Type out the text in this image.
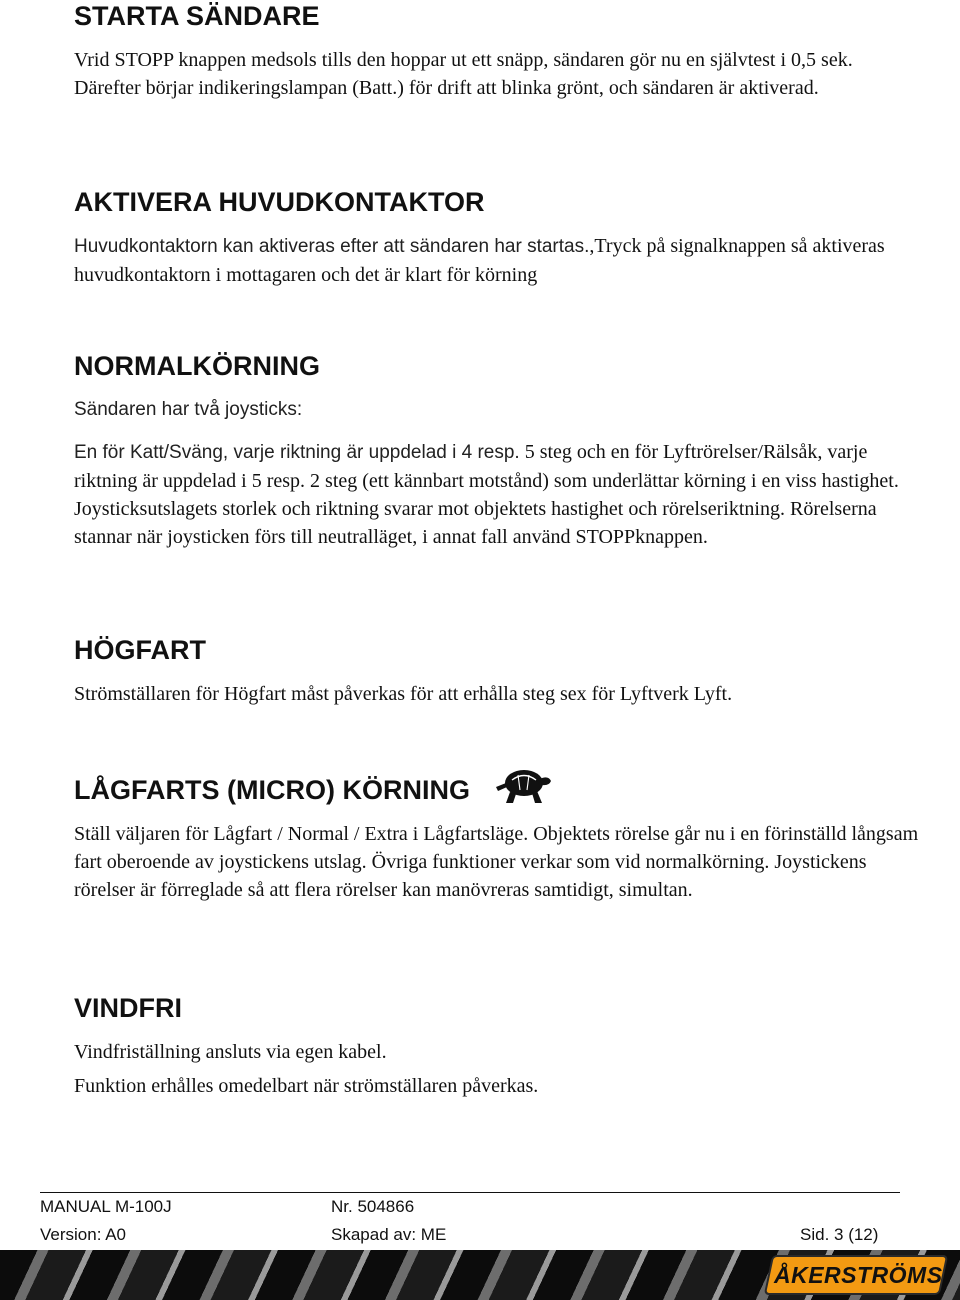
STARTA SÄNDARE

Vrid STOPP knappen medsols tills den hoppar ut ett snäpp, sändaren gör nu en självtest i 0,5 sek. Därefter börjar indikeringslampan (Batt.) för drift att blinka grönt, och sändaren är aktiverad.

AKTIVERA HUVUDKONTAKTOR

Huvudkontaktorn kan aktiveras efter att sändaren har startas.,Tryck på signalknappen så aktiveras huvudkontaktorn i mottagaren och det är klart för körning

NORMALKÖRNING

Sändaren har två joysticks:

En för Katt/Sväng, varje riktning är uppdelad i 4 resp. 5 steg och en för Lyftrörelser/Rälsåk, varje riktning är uppdelad i 5 resp. 2 steg (ett kännbart motstånd) som underlättar körning i en viss hastighet. Joysticksutslagets storlek och riktning svarar mot objektets hastighet och rörelseriktning. Rörelserna stannar när joysticken förs till neutralläget, i annat fall använd STOPPknappen.

HÖGFART

Strömställaren för Högfart måst påverkas för att erhålla steg sex för Lyftverk Lyft.

LÅGFARTS (MICRO) KÖRNING

Ställ väljaren för Lågfart / Normal / Extra i Lågfartsläge. Objektets rörelse går nu i en förinställd långsam fart oberoende av joystickens utslag. Övriga funktioner verkar som vid normalkörning. Joystickens rörelser är förreglade så att flera rörelser kan manövreras samtidigt, simultan.

VINDFRI

Vindfriställning ansluts via egen kabel.

Funktion erhålles omedelbart när strömställaren påverkas.

MANUAL M-100J	Nr. 504866
Version: A0	Skapad av: ME	Sid. 3 (12)
ÅKERSTRÖMS
